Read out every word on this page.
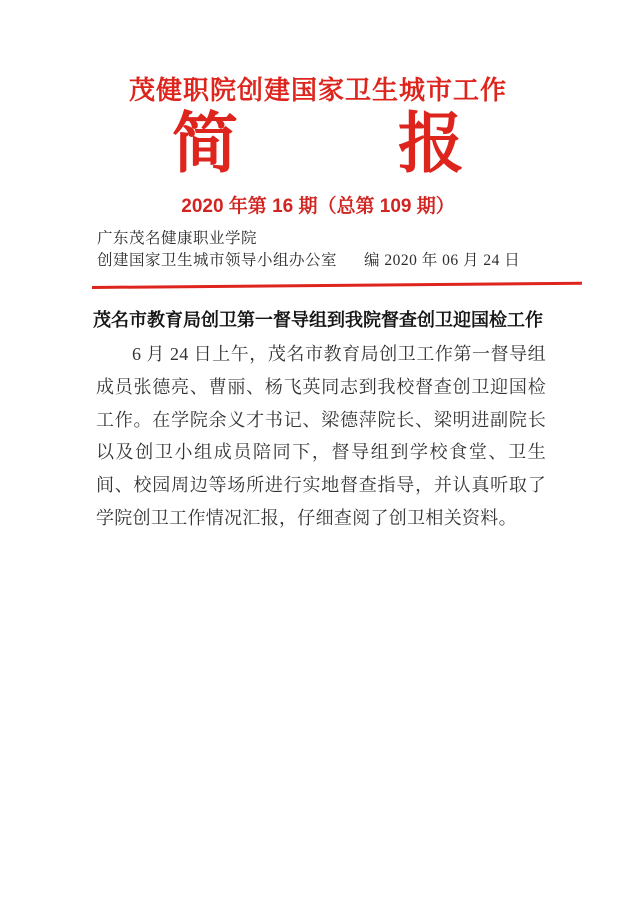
茂健职院创建国家卫生城市工作
简 报
2020 年第 16 期（总第 109 期）
广东茂名健康职业学院
创建国家卫生城市领导小组办公室 编 2020 年 06 月 24 日
茂名市教育局创卫第一督导组到我院督查创卫迎国检工作
6 月 24 日上午，茂名市教育局创卫工作第一督导组成员张德亮、曹丽、杨飞英同志到我校督查创卫迎国检工作。在学院余义才书记、梁德萍院长、梁明进副院长以及创卫小组成员陪同下，督导组到学校食堂、卫生间、校园周边等场所进行实地督查指导，并认真听取了学院创卫工作情况汇报，仔细查阅了创卫相关资料。
